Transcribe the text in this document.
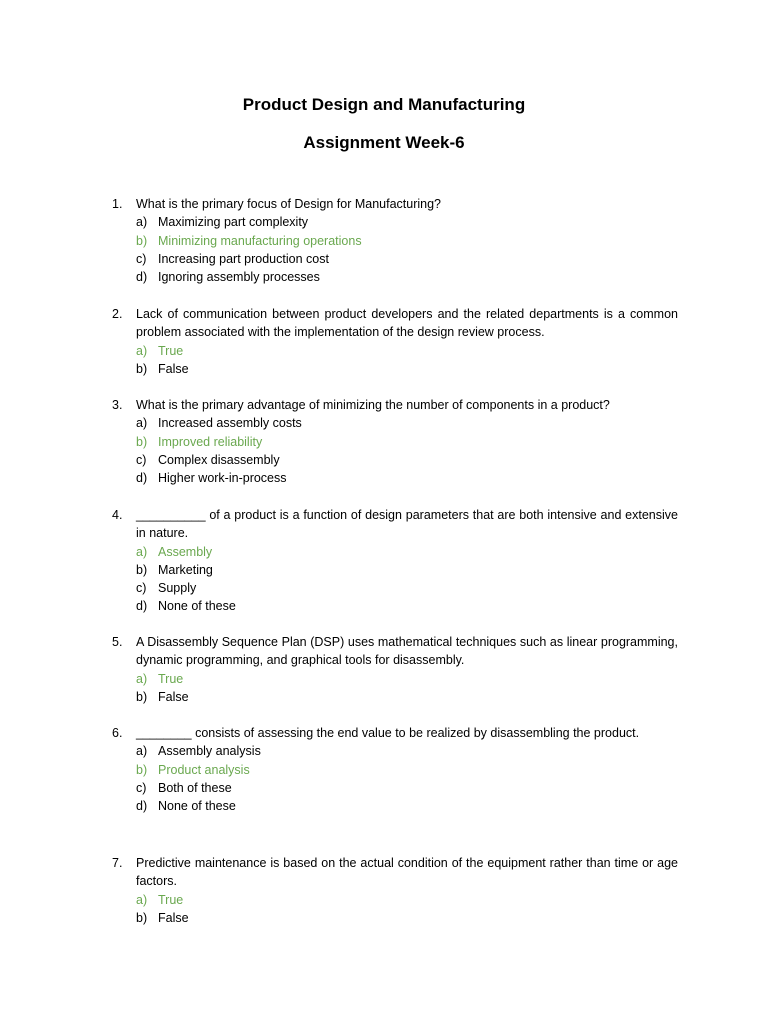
Product Design and Manufacturing
Assignment Week-6
1.	What is the primary focus of Design for Manufacturing?
a) Maximizing part complexity
b) Minimizing manufacturing operations
c) Increasing part production cost
d) Ignoring assembly processes
2.	Lack of communication between product developers and the related departments is a common problem associated with the implementation of the design review process.
a) True
b) False
3.	What is the primary advantage of minimizing the number of components in a product?
a) Increased assembly costs
b) Improved reliability
c) Complex disassembly
d) Higher work-in-process
4.	__________ of a product is a function of design parameters that are both intensive and extensive in nature.
a) Assembly
b) Marketing
c) Supply
d) None of these
5.	A Disassembly Sequence Plan (DSP) uses mathematical techniques such as linear programming, dynamic programming, and graphical tools for disassembly.
a) True
b) False
6.	________ consists of assessing the end value to be realized by disassembling the product.
a) Assembly analysis
b) Product analysis
c) Both of these
d) None of these
7.	Predictive maintenance is based on the actual condition of the equipment rather than time or age factors.
a) True
b) False
